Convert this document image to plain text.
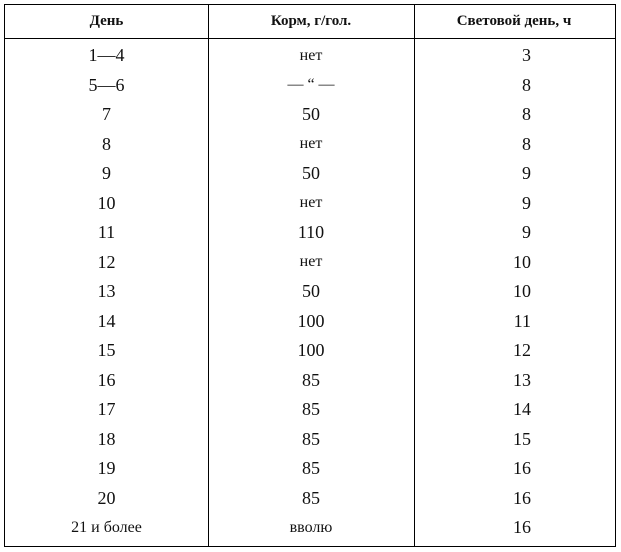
День	Корм, г/гол.	Световой день, ч
1—4	нет	3
5—6	— “ —	8
7	50	8
8	нет	8
9	50	9
10	нет	9
11	110	9
12	нет	10
13	50	10
14	100	11
15	100	12
16	85	13
17	85	14
18	85	15
19	85	16
20	85	16
21 и более	вволю	16
